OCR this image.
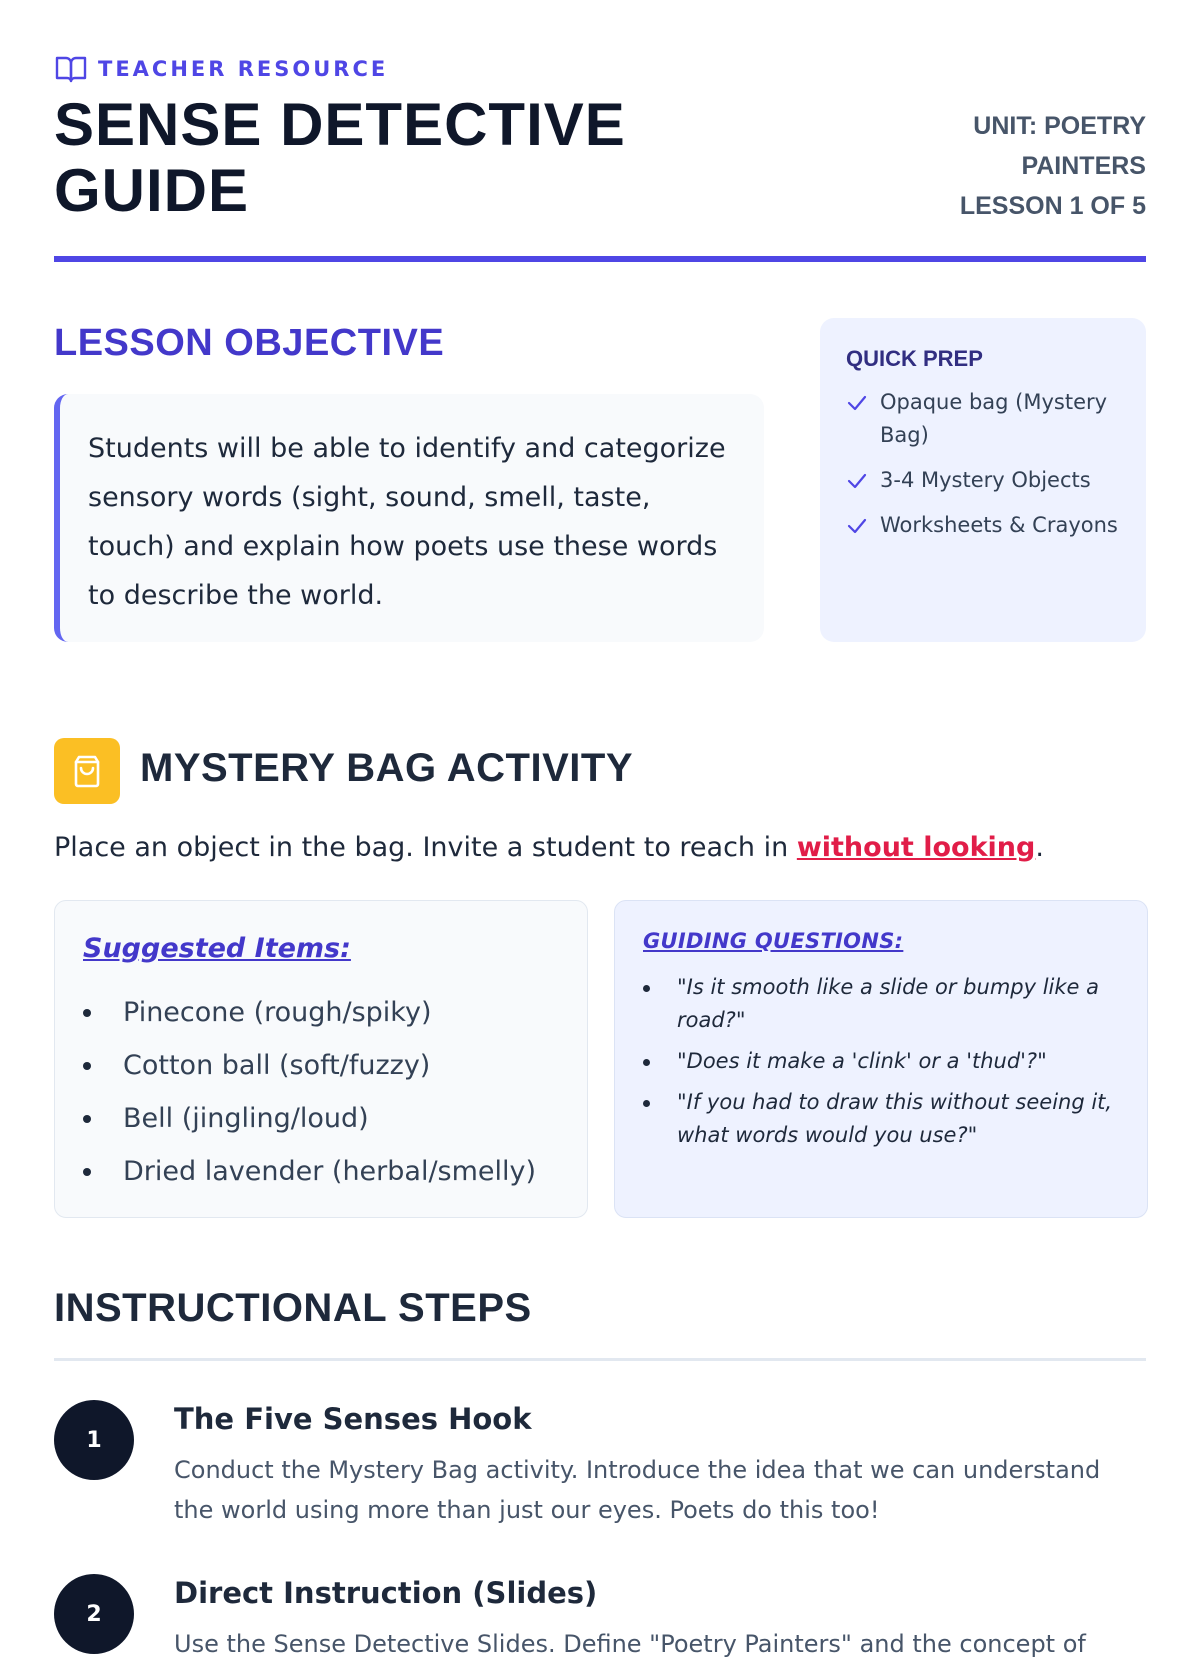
TEACHER RESOURCE
SENSE DETECTIVE GUIDE
UNIT: POETRY
PAINTERS
LESSON 1 OF 5
LESSON OBJECTIVE

Students will be able to identify and categorize sensory words (sight, sound, smell, taste, touch) and explain how poets use these words to describe the world.

QUICK PREP
Opaque bag (Mystery Bag)
3-4 Mystery Objects
Worksheets & Crayons
MYSTERY BAG ACTIVITY

Place an object in the bag. Invite a student to reach in without looking.

Suggested Items:
Pinecone (rough/spiky)
Cotton ball (soft/fuzzy)
Bell (jingling/loud)
Dried lavender (herbal/smelly)
GUIDING QUESTIONS:
"Is it smooth like a slide or bumpy like a road?"
"Does it make a 'clink' or a 'thud'?"
"If you had to draw this without seeing it, what words would you use?"
INSTRUCTIONAL STEPS
1
The Five Senses Hook
Conduct the Mystery Bag activity. Introduce the idea that we can understand the world using more than just our eyes. Poets do this too!
2
Direct Instruction (Slides)
Use the Sense Detective Slides. Define "Poetry Painters" and the concept of
